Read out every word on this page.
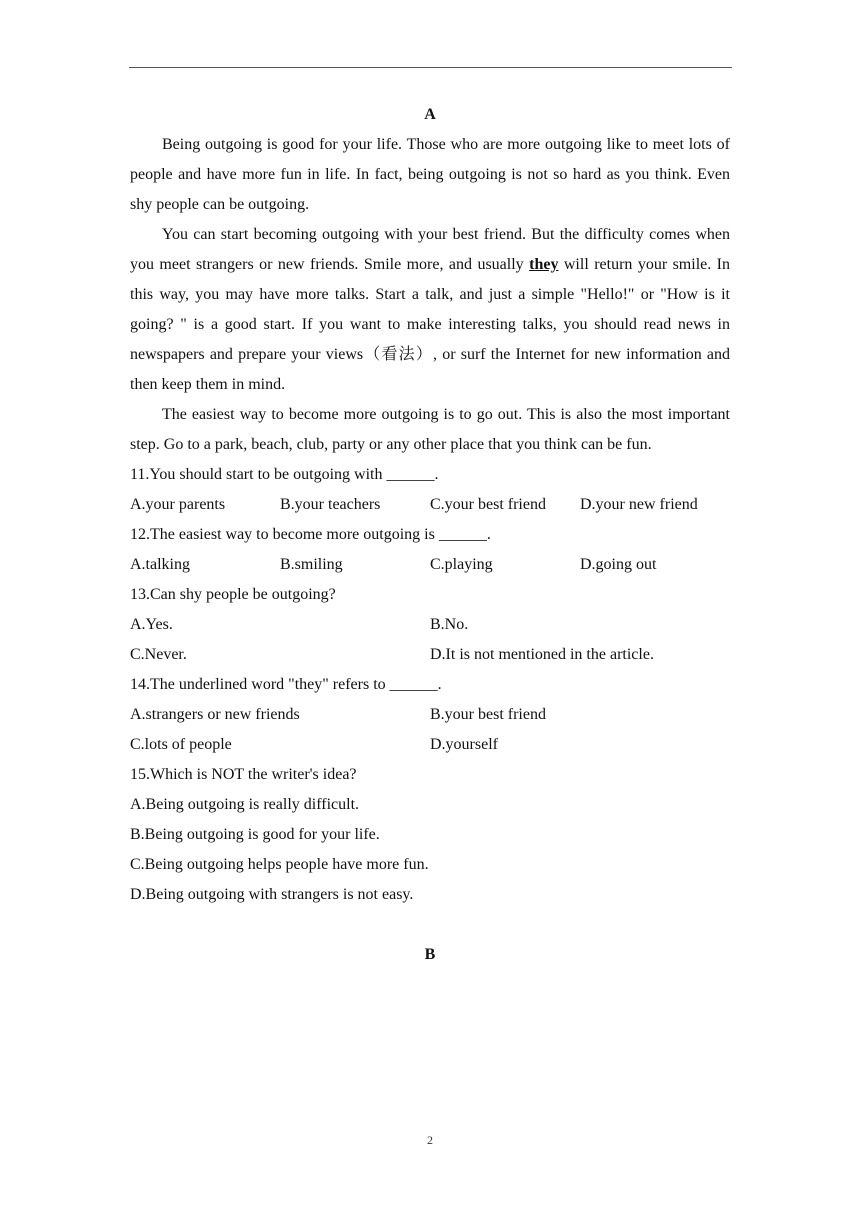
A

Being outgoing is good for your life. Those who are more outgoing like to meet lots of people and have more fun in life. In fact, being outgoing is not so hard as you think. Even shy people can be outgoing.

You can start becoming outgoing with your best friend. But the difficulty comes when you meet strangers or new friends. Smile more, and usually they will return your smile. In this way, you may have more talks. Start a talk, and just a simple "Hello!" or "How is it going? " is a good start. If you want to make interesting talks, you should read news in newspapers and prepare your views（看法）, or surf the Internet for new information and then keep them in mind.

The easiest way to become more outgoing is to go out. This is also the most important step. Go to a park, beach, club, party or any other place that you think can be fun.

11.You should start to be outgoing with ______.
A.your parents	B.your teachers	C.your best friend	D.your new friend
12.The easiest way to become more outgoing is ______.
A.talking	B.smiling	C.playing	D.going out
13.Can shy people be outgoing?
A.Yes.	B.No.
C.Never.	D.It is not mentioned in the article.
14.The underlined word "they" refers to ______.
A.strangers or new friends	B.your best friend
C.lots of people	D.yourself
15.Which is NOT the writer's idea?
A.Being outgoing is really difficult.
B.Being outgoing is good for your life.
C.Being outgoing helps people have more fun.
D.Being outgoing with strangers is not easy.
B
2
